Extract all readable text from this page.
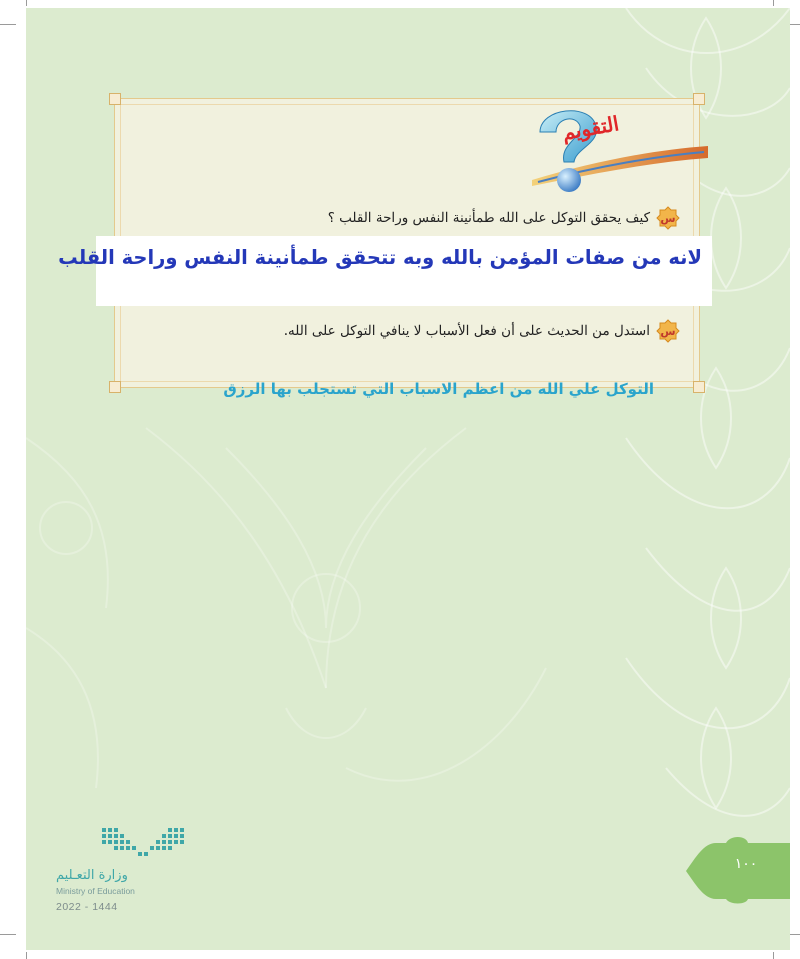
التقويم
س
كيف يحقق التوكل على الله طمأنينة النفس وراحة القلب ؟
لانه من صفات المؤمن بالله وبه تتحقق طمأنينة النفس وراحة القلب
س
استدل من الحديث على أن فعل الأسباب لا ينافي التوكل على الله.
التوكل علي الله من اعظم الاسباب التي تستجلب بها الرزق
وزارة التعـليم
Ministry of Education
2022 - 1444
١٠٠
